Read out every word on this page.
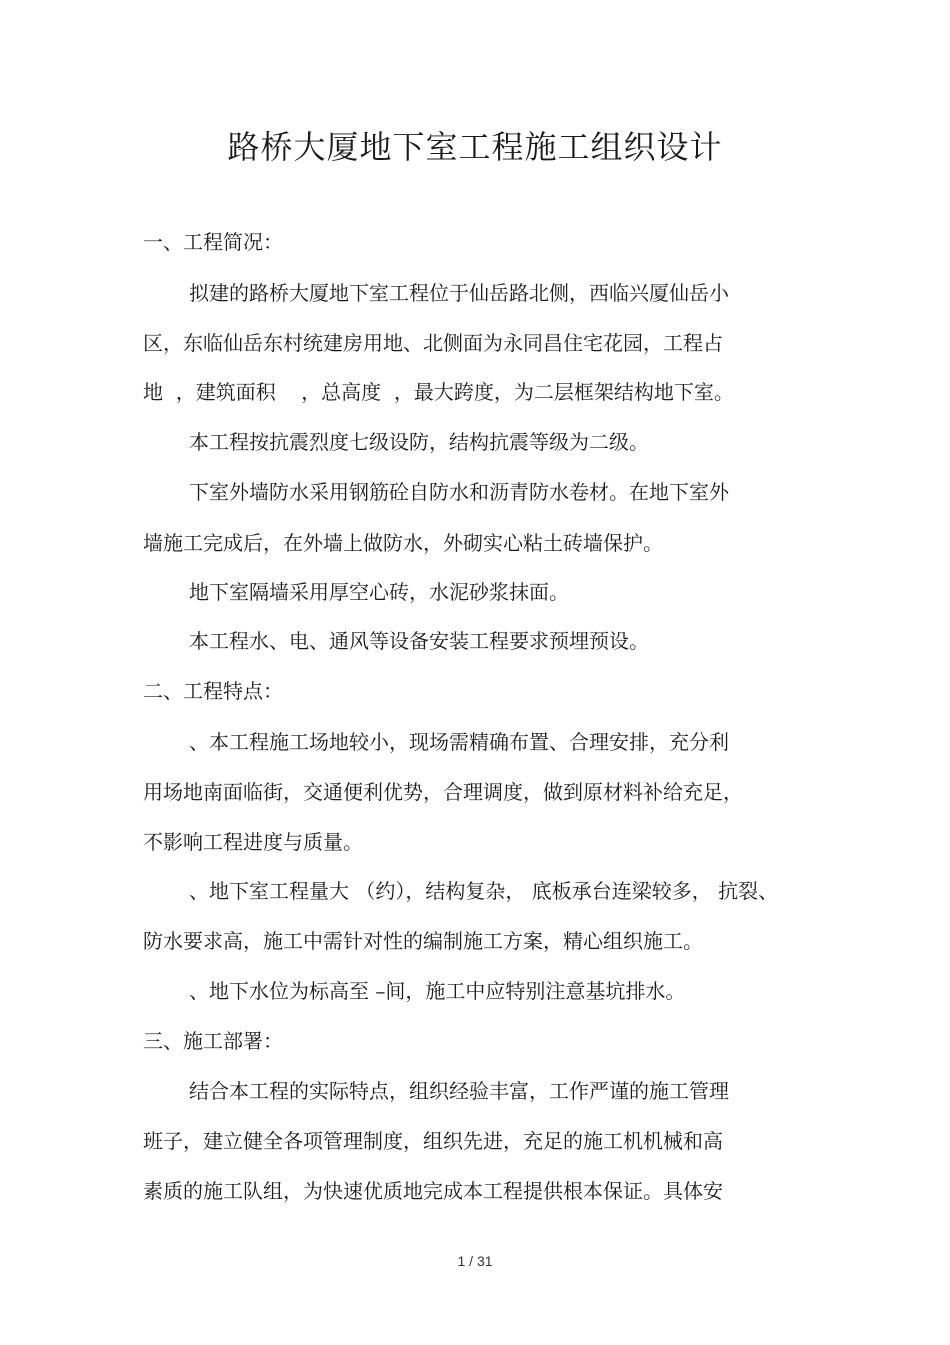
路桥大厦地下室工程施工组织设计

一、工程简况：

拟建的路桥大厦地下室工程位于仙岳路北侧，西临兴厦仙岳小

区，东临仙岳东村统建房用地、北侧面为永同昌住宅花园，工程占

地  ，建筑面积    ，总高度  ，最大跨度，为二层框架结构地下室。

本工程按抗震烈度七级设防，结构抗震等级为二级。

下室外墙防水采用钢筋砼自防水和沥青防水卷材。在地下室外

墙施工完成后，在外墙上做防水，外砌实心粘土砖墙保护。

地下室隔墙采用厚空心砖，水泥砂浆抹面。

本工程水、电、通风等设备安装工程要求预埋预设。

二、工程特点：

、本工程施工场地较小，现场需精确布置、合理安排，充分利

用场地南面临街，交通便利优势，合理调度，做到原材料补给充足，

不影响工程进度与质量。

、地下室工程量大 （约），结构复杂， 底板承台连梁较多， 抗裂、

防水要求高，施工中需针对性的编制施工方案，精心组织施工。

、地下水位为标高至 –间，施工中应特别注意基坑排水。

三、施工部署：

结合本工程的实际特点，组织经验丰富，工作严谨的施工管理

班子，建立健全各项管理制度，组织先进，充足的施工机机械和高

素质的施工队组，为快速优质地完成本工程提供根本保证。具体安

1 / 31
